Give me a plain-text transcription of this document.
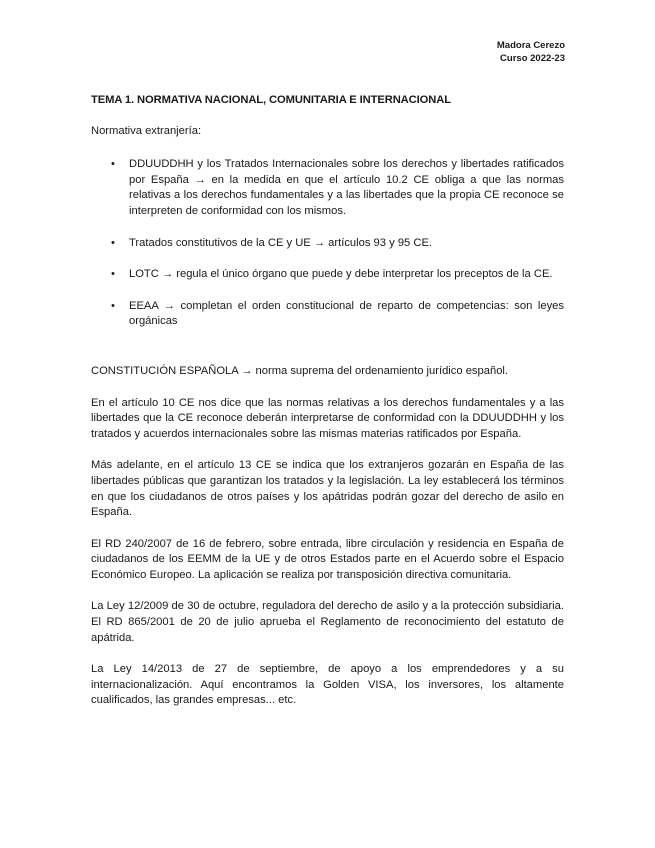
Madora Cerezo
Curso 2022-23
TEMA 1. NORMATIVA NACIONAL, COMUNITARIA E INTERNACIONAL
Normativa extranjería:
• DDUUDDHH y los Tratados Internacionales sobre los derechos y libertades ratificados por España → en la medida en que el artículo 10.2 CE obliga a que las normas relativas a los derechos fundamentales y a las libertades que la propia CE reconoce se interpreten de conformidad con los mismos.
• Tratados constitutivos de la CE y UE → artículos 93 y 95 CE.
• LOTC → regula el único órgano que puede y debe interpretar los preceptos de la CE.
• EEAA → completan el orden constitucional de reparto de competencias: son leyes orgánicas

CONSTITUCIÓN ESPAÑOLA → norma suprema del ordenamiento jurídico español.

En el artículo 10 CE nos dice que las normas relativas a los derechos fundamentales y a las libertades que la CE reconoce deberán interpretarse de conformidad con la DDUUDDHH y los tratados y acuerdos internacionales sobre las mismas materias ratificados por España.

Más adelante, en el artículo 13 CE se indica que los extranjeros gozarán en España de las libertades públicas que garantizan los tratados y la legislación. La ley establecerá los términos en que los ciudadanos de otros países y los apátridas podrán gozar del derecho de asilo en España.

El RD 240/2007 de 16 de febrero, sobre entrada, libre circulación y residencia en España de ciudadanos de los EEMM de la UE y de otros Estados parte en el Acuerdo sobre el Espacio Económico Europeo. La aplicación se realiza por transposición directiva comunitaria.

La Ley 12/2009 de 30 de octubre, reguladora del derecho de asilo y a la protección subsidiaria. El RD 865/2001 de 20 de julio aprueba el Reglamento de reconocimiento del estatuto de apátrida.

La Ley 14/2013 de 27 de septiembre, de apoyo a los emprendedores y a su internacionalización. Aquí encontramos la Golden VISA, los inversores, los altamente cualificados, las grandes empresas... etc.
